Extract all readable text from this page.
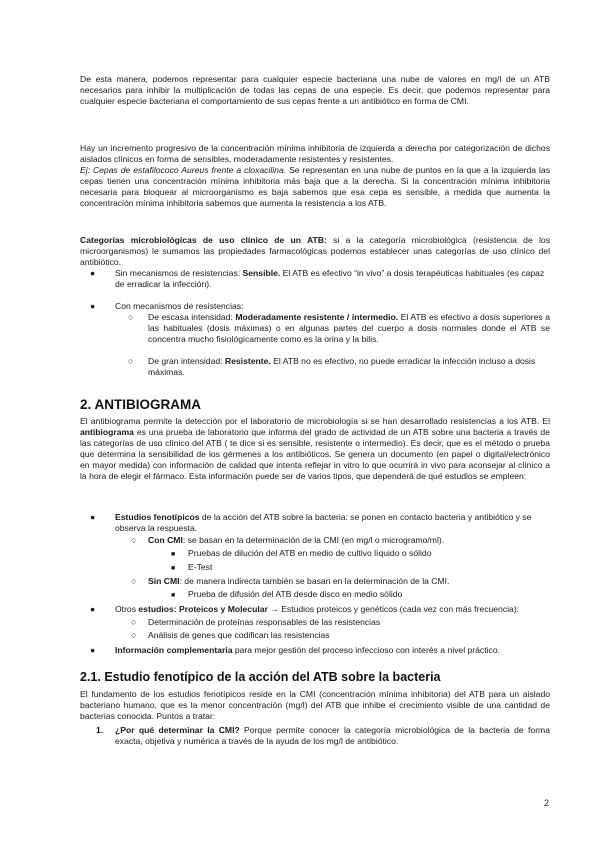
De esta manera, podemos representar para cualquier especie bacteriana una nube de valores en mg/l de un ATB necesarios para inhibir la multiplicación de todas las cepas de una especie. Es decir, que podemos representar para cualquier especie bacteriana el comportamiento de sus cepas frente a un antibiótico en forma de CMI.
Hay un incremento progresivo de la concentración mínima inhibitoria de izquierda a derecha por categorización de dichos aislados clínicos en forma de sensibles, moderadamente resistentes y resistentes.
Ej: Cepas de estafilococo Aureus frente a cloxacilina. Se representan en una nube de puntos en la que a la izquierda las cepas tienen una concentración mínima inhibitoria más baja que a la derecha. Si la concentración mínima inhibitoria necesaria para bloquear al microorganismo es baja sabemos que esa cepa es sensible, a medida que aumenta la concentración mínima inhibitoria sabemos que aumenta la resistencia a los ATB.
Categorías microbiológicas de uso clínico de un ATB: si a la categoría microbiológica (resistencia de los microorganismos) le sumamos las propiedades farmacológicas podemos establecer unas categorías de uso clínico del antibiótico.
● Sin mecanismos de resistencias: Sensible. El ATB es efectivo “in vivo” a dosis terapéuticas habituales (es capaz de erradicar la infección).
● Con mecanismos de resistencias:
○ De escasa intensidad: Moderadamente resistente / intermedio. El ATB es efectivo a dosis superiores a las habituales (dosis máximas) o en algunas partes del cuerpo a dosis normales donde el ATB se concentra mucho fisiológicamente como es la orina y la bilis.
○ De gran intensidad: Resistente. El ATB no es efectivo, no puede erradicar la infección incluso a dosis máximas.
2. ANTIBIOGRAMA
El antibiograma permite la detección por el laboratorio de microbiología si se han desarrollado resistencias a los ATB. El antibiograma es una prueba de laboratorio que informa del grado de actividad de un ATB sobre una bacteria a través de las categorías de uso clínico del ATB ( te dice si es sensible, resistente o intermedio). Es decir, que es el método o prueba que determina la sensibilidad de los gérmenes a los antibióticos. Se genera un documento (en papel o digital/electrónico en mayor medida) con información de calidad que intenta reflejar in vitro lo que ocurrirá in vivo para aconsejar al clínico a la hora de elegir el fármaco. Esta información puede ser de varios tipos, que dependerá de qué estudios se empleen:
● Estudios fenotípicos de la acción del ATB sobre la bacteria: se ponen en contacto bacteria y antibiótico y se observa la respuesta.
○ Con CMI: se basan en la determinación de la CMI (en mg/l o microgramo/ml).
■ Pruebas de dilución del ATB en medio de cultivo líquido o sólido
■ E-Test
○ Sin CMI: de manera indirecta también se basan en la determinación de la CMI.
■ Prueba de difusión del ATB desde disco en medio sólido
● Otros estudios: Proteicos y Molecular → Estudios proteicos y genéticos (cada vez con más frecuencia):
○ Determinación de proteínas responsables de las resistencias
○ Análisis de genes que codifican las resistencias
● Información complementaria para mejor gestión del proceso infeccioso con interés a nivel práctico.
2.1. Estudio fenotípico de la acción del ATB sobre la bacteria
El fundamento de los estudios fenotípicos reside en la CMI (concentración mínima inhibitoria) del ATB para un aislado bacteriano humano, que es la menor concentración (mg/l) del ATB que inhibe el crecimiento visible de una cantidad de bacterias conocida. Puntos a tratar:
1. ¿Por qué determinar la CMI? Porque permite conocer la categoría microbiológica de la bacteria de forma exacta, objetiva y numérica a través de la ayuda de los mg/l de antibiótico.
2
